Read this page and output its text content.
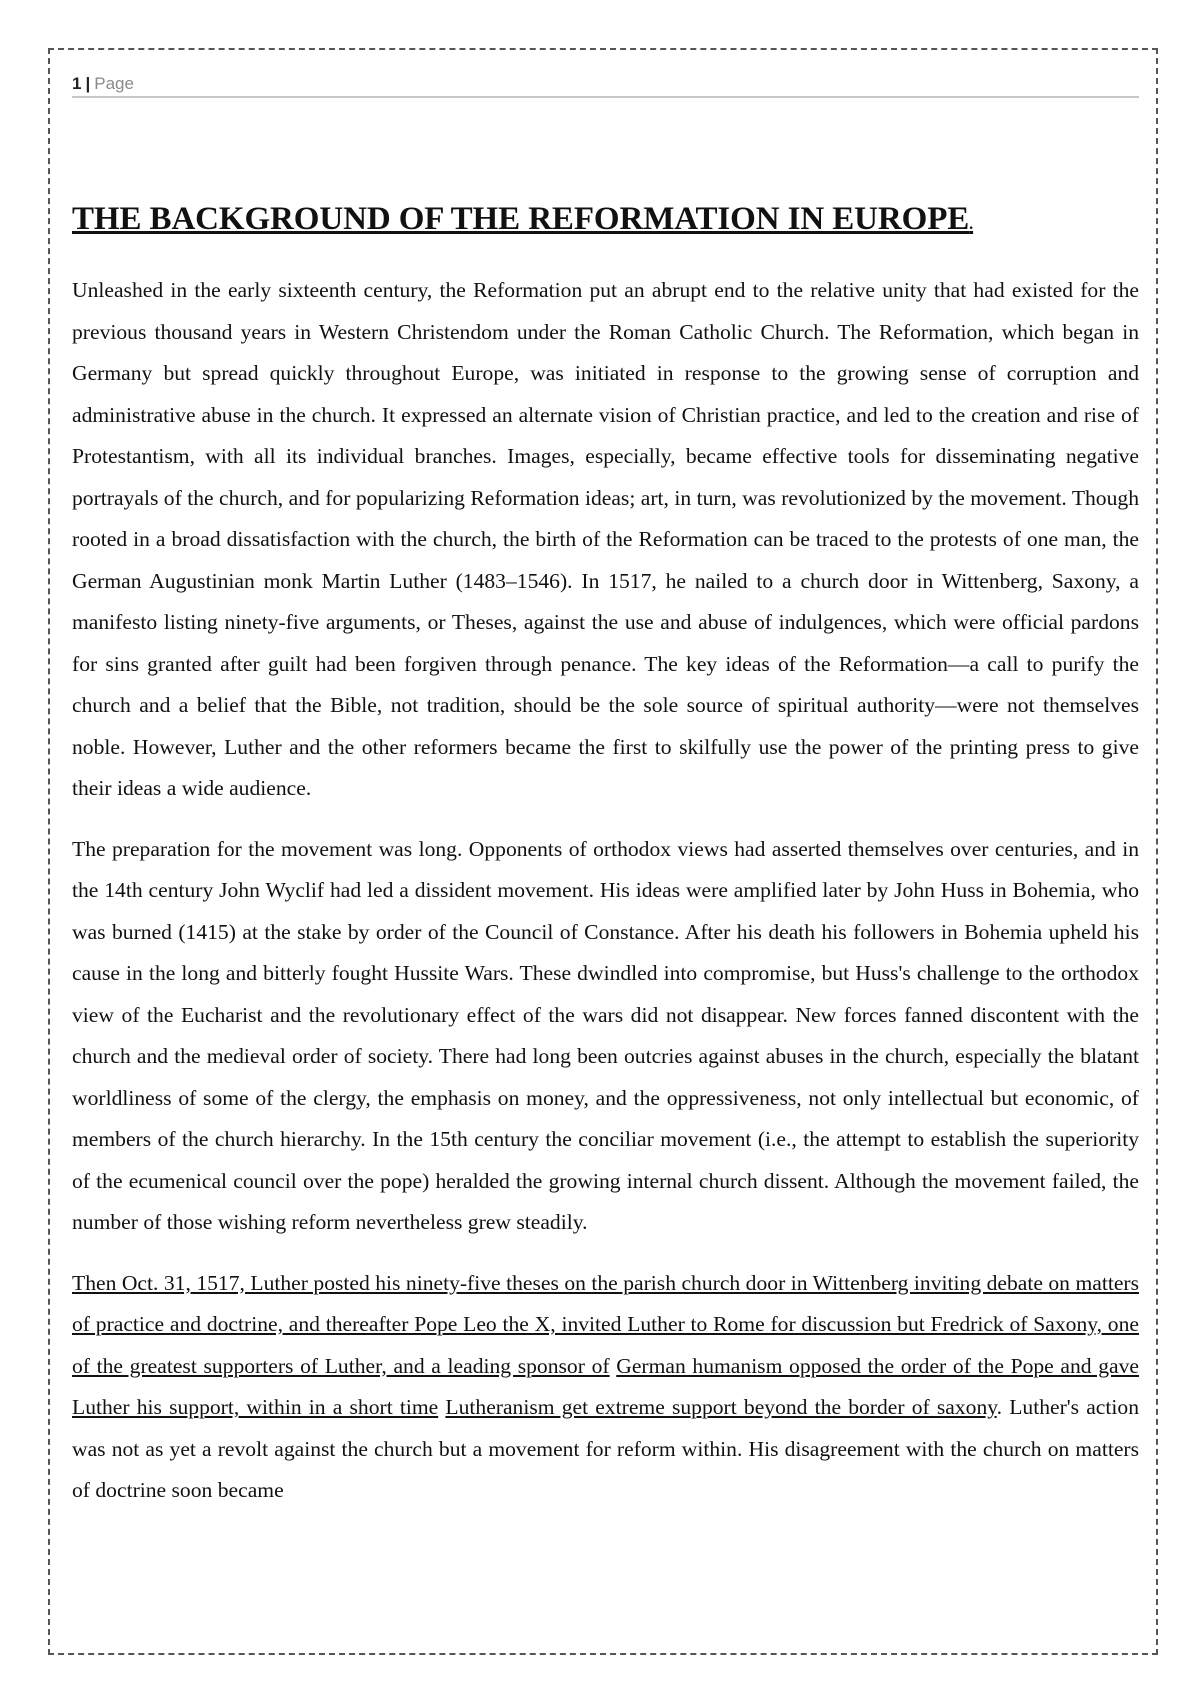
1 | Page
THE BACKGROUND OF THE REFORMATION IN EUROPE.

Unleashed in the early sixteenth century, the Reformation put an abrupt end to the relative unity that had existed for the previous thousand years in Western Christendom under the Roman Catholic Church. The Reformation, which began in Germany but spread quickly throughout Europe, was initiated in response to the growing sense of corruption and administrative abuse in the church. It expressed an alternate vision of Christian practice, and led to the creation and rise of Protestantism, with all its individual branches. Images, especially, became effective tools for disseminating negative portrayals of the church, and for popularizing Reformation ideas; art, in turn, was revolutionized by the movement. Though rooted in a broad dissatisfaction with the church, the birth of the Reformation can be traced to the protests of one man, the German Augustinian monk Martin Luther (1483–1546). In 1517, he nailed to a church door in Wittenberg, Saxony, a manifesto listing ninety-five arguments, or Theses, against the use and abuse of indulgences, which were official pardons for sins granted after guilt had been forgiven through penance. The key ideas of the Reformation—a call to purify the church and a belief that the Bible, not tradition, should be the sole source of spiritual authority—were not themselves noble. However, Luther and the other reformers became the first to skilfully use the power of the printing press to give their ideas a wide audience.

The preparation for the movement was long. Opponents of orthodox views had asserted themselves over centuries, and in the 14th century John Wyclif had led a dissident movement. His ideas were amplified later by John Huss in Bohemia, who was burned (1415) at the stake by order of the Council of Constance. After his death his followers in Bohemia upheld his cause in the long and bitterly fought Hussite Wars. These dwindled into compromise, but Huss's challenge to the orthodox view of the Eucharist and the revolutionary effect of the wars did not disappear. New forces fanned discontent with the church and the medieval order of society. There had long been outcries against abuses in the church, especially the blatant worldliness of some of the clergy, the emphasis on money, and the oppressiveness, not only intellectual but economic, of members of the church hierarchy. In the 15th century the conciliar movement (i.e., the attempt to establish the superiority of the ecumenical council over the pope) heralded the growing internal church dissent. Although the movement failed, the number of those wishing reform nevertheless grew steadily.

Then Oct. 31, 1517, Luther posted his ninety-five theses on the parish church door in Wittenberg inviting debate on matters of practice and doctrine, and thereafter Pope Leo the X, invited Luther to Rome for discussion but Fredrick of Saxony, one of the greatest supporters of Luther, and a leading sponsor of German humanism opposed the order of the Pope and gave Luther his support, within in a short time Lutheranism get extreme support beyond the border of saxony. Luther's action was not as yet a revolt against the church but a movement for reform within. His disagreement with the church on matters of doctrine soon became
